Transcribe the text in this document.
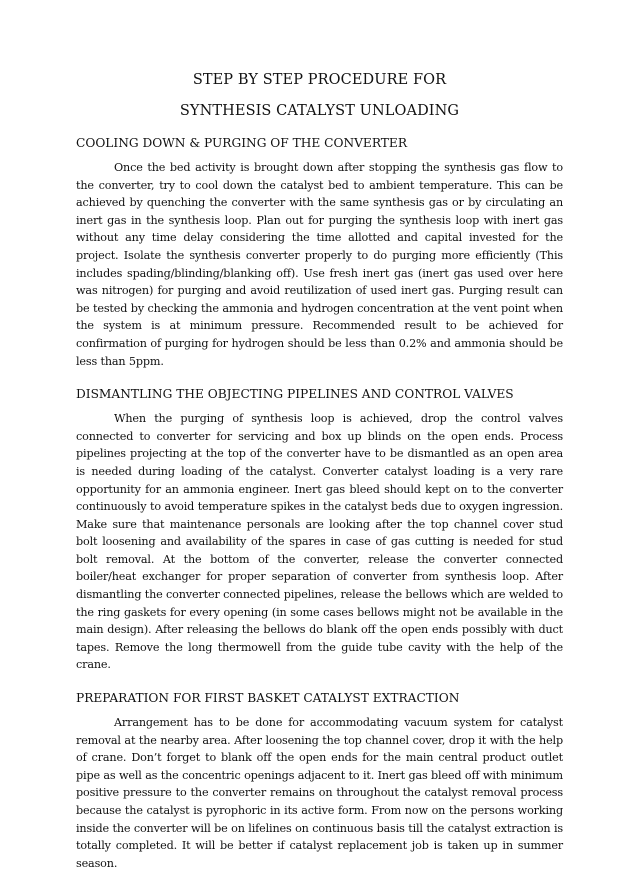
STEP BY STEP PROCEDURE FOR
SYNTHESIS CATALYST UNLOADING
COOLING DOWN & PURGING OF THE CONVERTER

Once the bed activity is brought down after stopping the synthesis gas flow to the converter, try to cool down the catalyst bed to ambient temperature. This can be achieved by quenching the converter with the same synthesis gas or by circulating an inert gas in the synthesis loop. Plan out for purging the synthesis loop with inert gas without any time delay considering the time allotted and capital invested for the project. Isolate the synthesis converter properly to do purging more efficiently (This includes spading/blinding/blanking off). Use fresh inert gas (inert gas used over here was nitrogen) for purging and avoid reutilization of used inert gas. Purging result can be tested by checking the ammonia and hydrogen concentration at the vent point when the system is at minimum pressure. Recommended result to be achieved for confirmation of purging for hydrogen should be less than 0.2% and ammonia should be less than 5ppm.

DISMANTLING THE OBJECTING PIPELINES AND CONTROL VALVES

When the purging of synthesis loop is achieved, drop the control valves connected to converter for servicing and box up blinds on the open ends. Process pipelines projecting at the top of the converter have to be dismantled as an open area is needed during loading of the catalyst. Converter catalyst loading is a very rare opportunity for an ammonia engineer. Inert gas bleed should kept on to the converter continuously to avoid temperature spikes in the catalyst beds due to oxygen ingression. Make sure that maintenance personals are looking after the top channel cover stud bolt loosening and availability of the spares in case of gas cutting is needed for stud bolt removal. At the bottom of the converter, release the converter connected boiler/heat exchanger for proper separation of converter from synthesis loop. After dismantling the converter connected pipelines, release the bellows which are welded to the ring gaskets for every opening (in some cases bellows might not be available in the main design). After releasing the bellows do blank off the open ends possibly with duct tapes. Remove the long thermowell from the guide tube cavity with the help of the crane.

PREPARATION FOR FIRST BASKET CATALYST EXTRACTION

Arrangement has to be done for accommodating vacuum system for catalyst removal at the nearby area. After loosening the top channel cover, drop it with the help of crane. Don’t forget to blank off the open ends for the main central product outlet pipe as well as the concentric openings adjacent to it. Inert gas bleed off with minimum positive pressure to the converter remains on throughout the catalyst removal process because the catalyst is pyrophoric in its active form. From now on the persons working inside the converter will be on lifelines on continuous basis till the catalyst extraction is totally completed. It will be better if catalyst replacement job is taken up in summer season.
